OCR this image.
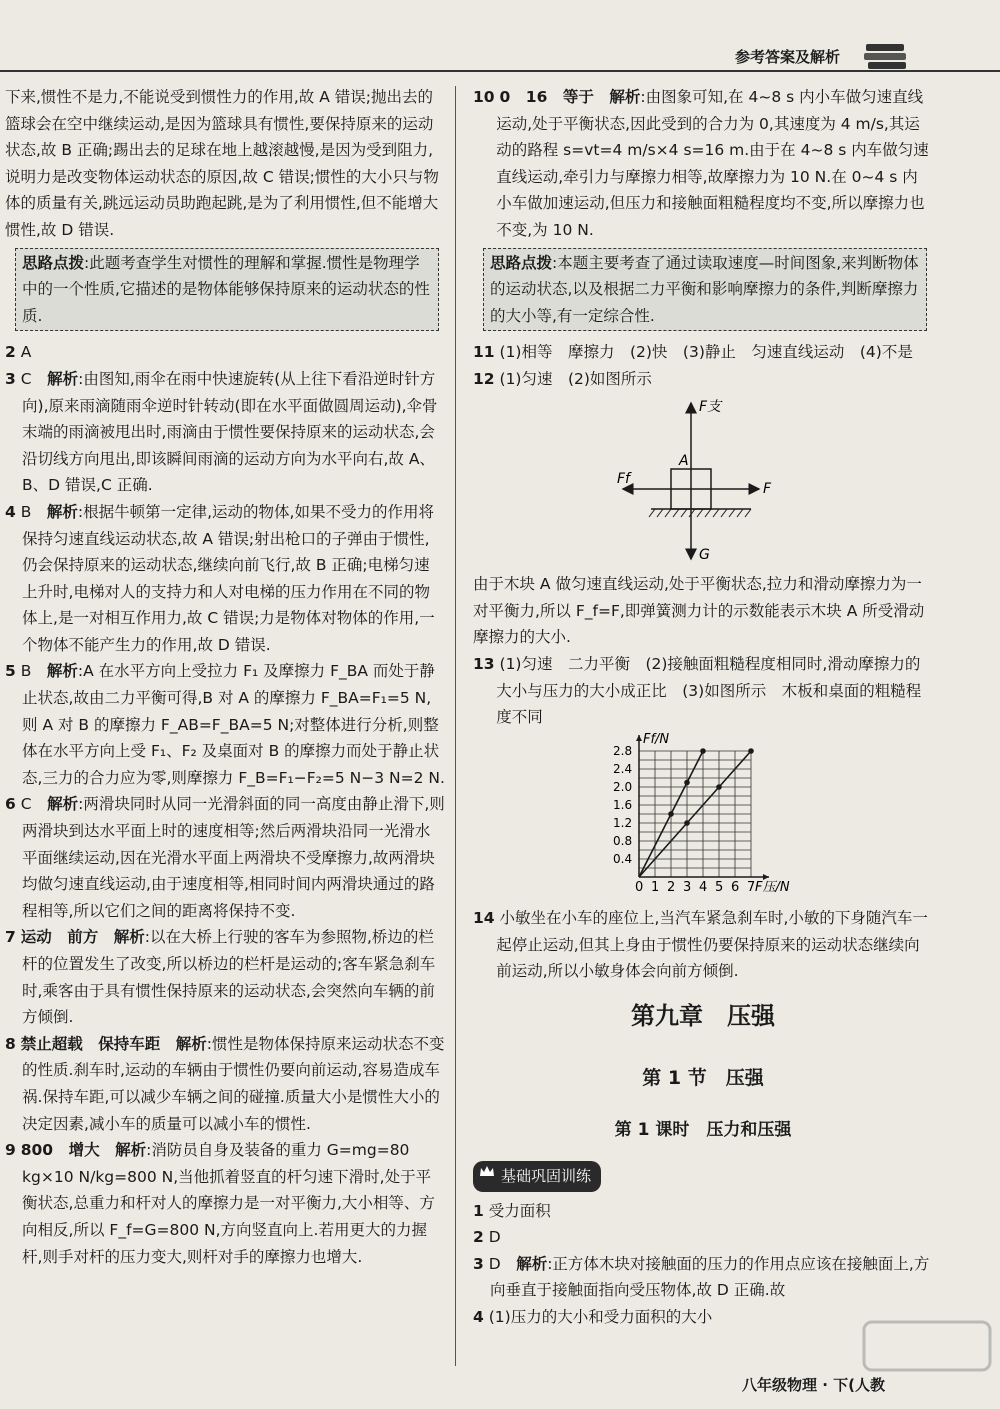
参考答案及解析

下来,惯性不是力,不能说受到惯性力的作用,故 A 错误;抛出去的篮球会在空中继续运动,是因为篮球具有惯性,要保持原来的运动状态,故 B 正确;踢出去的足球在地上越滚越慢,是因为受到阻力,说明力是改变物体运动状态的原因,故 C 错误;惯性的大小只与物体的质量有关,跳远运动员助跑起跳,是为了利用惯性,但不能增大惯性,故 D 错误.

思路点拨:此题考查学生对惯性的理解和掌握.惯性是物理学中的一个性质,它描述的是物体能够保持原来的运动状态的性质.

2 A

3 C　 解析:由图知,雨伞在雨中快速旋转(从上往下看沿逆时针方向),原来雨滴随雨伞逆时针转动(即在水平面做圆周运动),伞骨末端的雨滴被甩出时,雨滴由于惯性要保持原来的运动状态,会沿切线方向甩出,即该瞬间雨滴的运动方向为水平向右,故 A、B、D 错误,C 正确.

4 B　 解析:根据牛顿第一定律,运动的物体,如果不受力的作用将保持匀速直线运动状态,故 A 错误;射出枪口的子弹由于惯性,仍会保持原来的运动状态,继续向前飞行,故 B 正确;电梯匀速上升时,电梯对人的支持力和人对电梯的压力作用在不同的物体上,是一对相互作用力,故 C 错误;力是物体对物体的作用,一个物体不能产生力的作用,故 D 错误.

5 B　 解析:A 在水平方向上受拉力 F₁ 及摩擦力 F_BA 而处于静止状态,故由二力平衡可得,B 对 A 的摩擦力 F_BA=F₁=5 N,则 A 对 B 的摩擦力 F_AB=F_BA=5 N;对整体进行分析,则整体在水平方向上受 F₁、F₂ 及桌面对 B 的摩擦力而处于静止状态,三力的合力应为零,则摩擦力 F_B=F₁−F₂=5 N−3 N=2 N.

6 C　 解析:两滑块同时从同一光滑斜面的同一高度由静止滑下,则两滑块到达水平面上时的速度相等;然后两滑块沿同一光滑水平面继续运动,因在光滑水平面上两滑块不受摩擦力,故两滑块均做匀速直线运动,由于速度相等,相同时间内两滑块通过的路程相等,所以它们之间的距离将保持不变.

7 运动　前方　 解析:以在大桥上行驶的客车为参照物,桥边的栏杆的位置发生了改变,所以桥边的栏杆是运动的;客车紧急刹车时,乘客由于具有惯性保持原来的运动状态,会突然向车辆的前方倾倒.

8 禁止超载　保持车距　 解析:惯性是物体保持原来运动状态不变的性质.刹车时,运动的车辆由于惯性仍要向前运动,容易造成车祸.保持车距,可以减少车辆之间的碰撞.质量大小是惯性大小的决定因素,减小车的质量可以减小车的惯性.

9 800　增大　 解析:消防员自身及装备的重力 G=mg=80 kg×10 N/kg=800 N,当他抓着竖直的杆匀速下滑时,处于平衡状态,总重力和杆对人的摩擦力是一对平衡力,大小相等、方向相反,所以 F_f=G=800 N,方向竖直向上.若用更大的力握杆,则手对杆的压力变大,则杆对手的摩擦力也增大.

10 0　16　等于　 解析:由图象可知,在 4~8 s 内小车做匀速直线运动,处于平衡状态,因此受到的合力为 0,其速度为 4 m/s,其运动的路程 s=vt=4 m/s×4 s=16 m.由于在 4~8 s 内车做匀速直线运动,牵引力与摩擦力相等,故摩擦力为 10 N.在 0~4 s 内小车做加速运动,但压力和接触面粗糙程度均不变,所以摩擦力也不变,为 10 N.

思路点拨:本题主要考查了通过读取速度—时间图象,来判断物体的运动状态,以及根据二力平衡和影响摩擦力的条件,判断摩擦力的大小等,有一定综合性.

11 (1)相等　摩擦力　(2)快　(3)静止　匀速直线运动　(4)不是

12 (1)匀速　(2)如图所示

F支
A
Ff
F
G

由于木块 A 做匀速直线运动,处于平衡状态,拉力和滑动摩擦力为一对平衡力,所以 F_f=F,即弹簧测力计的示数能表示木块 A 所受滑动摩擦力的大小.

13 (1)匀速　二力平衡　(2)接触面粗糙程度相同时,滑动摩擦力的大小与压力的大小成正比　(3)如图所示　木板和桌面的粗糙程度不同

0 1 2 3 4 5 6 7
0.4
0.8
1.2
1.6
2.0
2.4
2.8
F压/N
Ff/N

14 小敏坐在小车的座位上,当汽车紧急刹车时,小敏的下身随汽车一起停止运动,但其上身由于惯性仍要保持原来的运动状态继续向前运动,所以小敏身体会向前方倾倒.

第九章　压强
第 1 节　压强
第 1 课时　压力和压强
基础巩固训练

1 受力面积

2 D

3 D　 解析:正方体木块对接触面的压力的作用点应该在接触面上,方向垂直于接触面指向受压物体,故 D 正确.故

4 (1)压力的大小和受力面积的大小

八年级物理 · 下(人教
